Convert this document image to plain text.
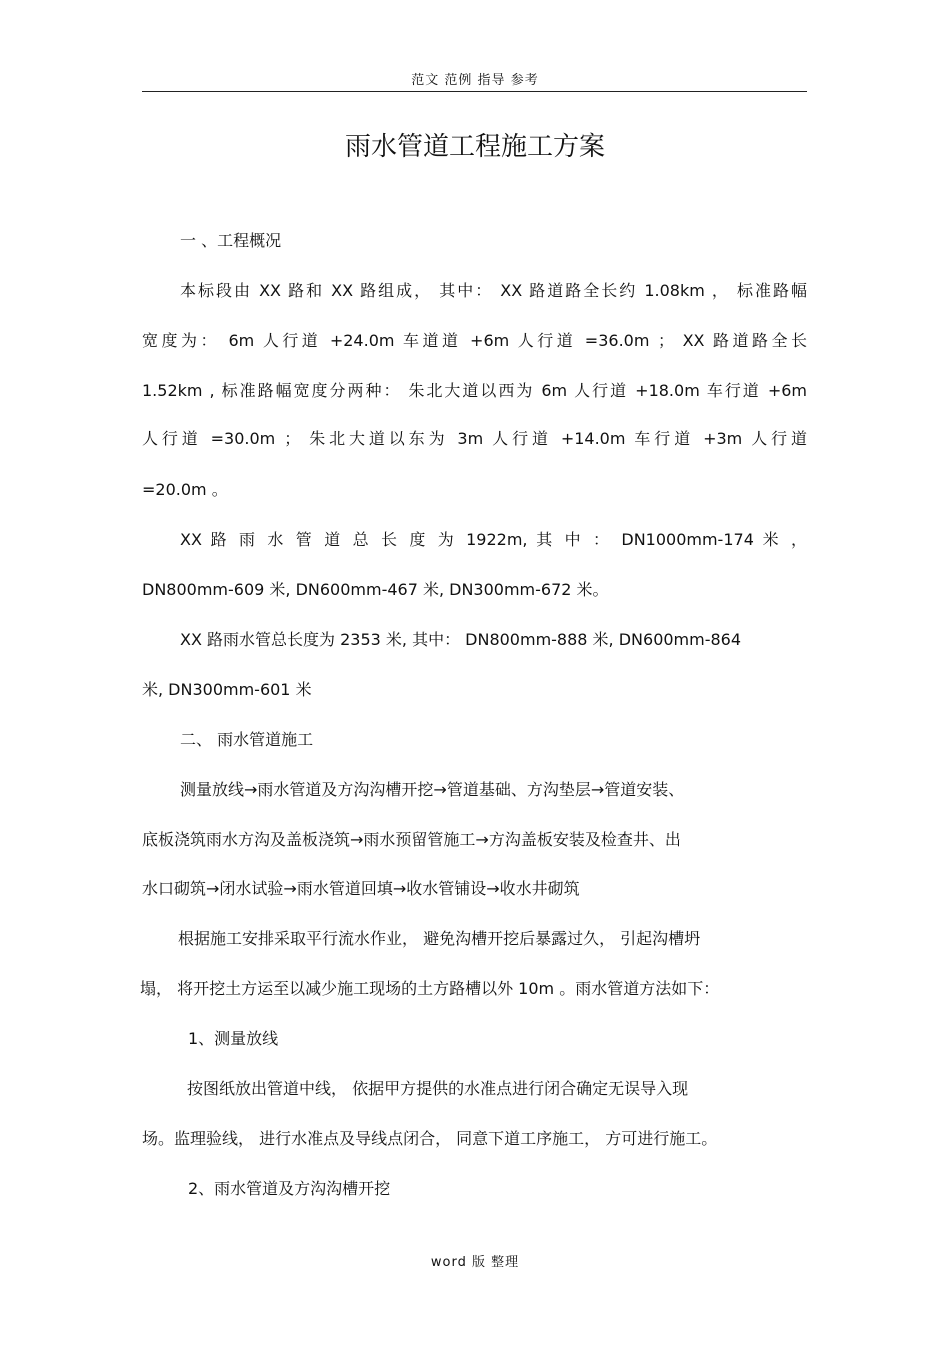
范文 范例 指导 参考
雨水管道工程施工方案
一 、工程概况
本标段由 XX 路和 XX 路组成， 其中： XX 路道路全长约 1.08km ， 标准路幅
宽度为： 6m 人行道 +24.0m 车道道 +6m 人行道 =36.0m ； XX 路道路全长
1.52km , 标准路幅宽度分两种： 朱北大道以西为 6m 人行道 +18.0m 车行道 +6m
人行道 =30.0m ； 朱北大道以东为 3m 人行道 +14.0m 车行道 +3m 人行道
=20.0m 。
XX 路 雨 水 管 道 总 长 度 为 1922m, 其 中 ： DN1000mm-174 米 ，
DN800mm-609 米, DN600mm-467 米, DN300mm-672 米。
XX 路雨水管总长度为 2353 米, 其中： DN800mm-888 米, DN600mm-864
米, DN300mm-601 米
二、 雨水管道施工
测量放线→雨水管道及方沟沟槽开挖→管道基础、方沟垫层→管道安装、
底板浇筑雨水方沟及盖板浇筑→雨水预留管施工→方沟盖板安装及检查井、出
水口砌筑→闭水试验→雨水管道回填→收水管铺设→收水井砌筑
根据施工安排采取平行流水作业， 避免沟槽开挖后暴露过久， 引起沟槽坍
塌， 将开挖土方运至以减少施工现场的土方路槽以外 10m 。雨水管道方法如下：
1、测量放线
按图纸放出管道中线， 依据甲方提供的水准点进行闭合确定无误导入现
场。监理验线， 进行水准点及导线点闭合， 同意下道工序施工， 方可进行施工。
2、雨水管道及方沟沟槽开挖
word 版 整理
